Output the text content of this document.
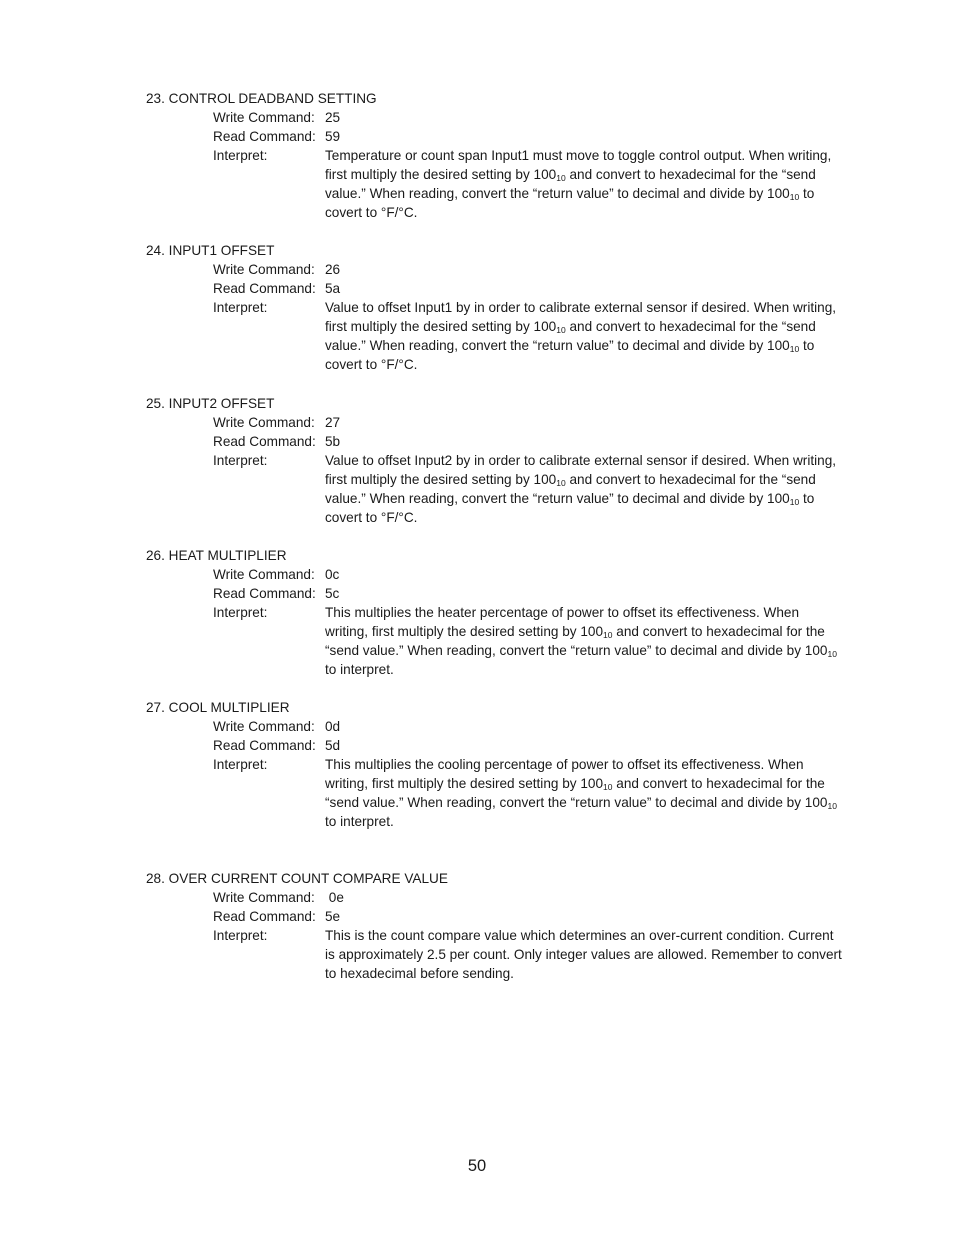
23. CONTROL DEADBAND SETTING
Write Command: 25
Read Command: 59
Interpret:	Temperature or count span Input1 must move to toggle control output. When writing,
first multiply the desired setting by $100_{10}$ and convert to hexadecimal for the “send
value.” When reading, convert the “return value” to decimal and divide by $100_{10}$ to
covert to °F/°C.
24. INPUT1 OFFSET
Write Command: 26
Read Command: 5a
Interpret:	Value to offset Input1 by in order to calibrate external sensor if desired. When writing,
first multiply the desired setting by $100_{10}$ and convert to hexadecimal for the “send
value.” When reading, convert the “return value” to decimal and divide by $100_{10}$ to
covert to °F/°C.
25. INPUT2 OFFSET
Write Command: 27
Read Command: 5b
Interpret:	Value to offset Input2 by in order to calibrate external sensor if desired. When writing,
first multiply the desired setting by $100_{10}$ and convert to hexadecimal for the “send
value.” When reading, convert the “return value” to decimal and divide by $100_{10}$ to
covert to °F/°C.
26. HEAT MULTIPLIER
Write Command: 0c
Read Command: 5c
Interpret:	This multiplies the heater percentage of power to offset its effectiveness. When
writing, first multiply the desired setting by $100_{10}$ and convert to hexadecimal for the
“send value.” When reading, convert the “return value” to decimal and divide by $100_{10}$
to interpret.
27. COOL MULTIPLIER
Write Command: 0d
Read Command: 5d
Interpret:	This multiplies the cooling percentage of power to offset its effectiveness. When
writing, first multiply the desired setting by $100_{10}$ and convert to hexadecimal for the
“send value.” When reading, convert the “return value” to decimal and divide by $100_{10}$
to interpret.
28. OVER CURRENT COUNT COMPARE VALUE
Write Command: 0e
Read Command: 5e
Interpret:	This is the count compare value which determines an over-current condition. Current
is approximately 2.5 per count. Only integer values are allowed. Remember to convert
to hexadecimal before sending.
50
